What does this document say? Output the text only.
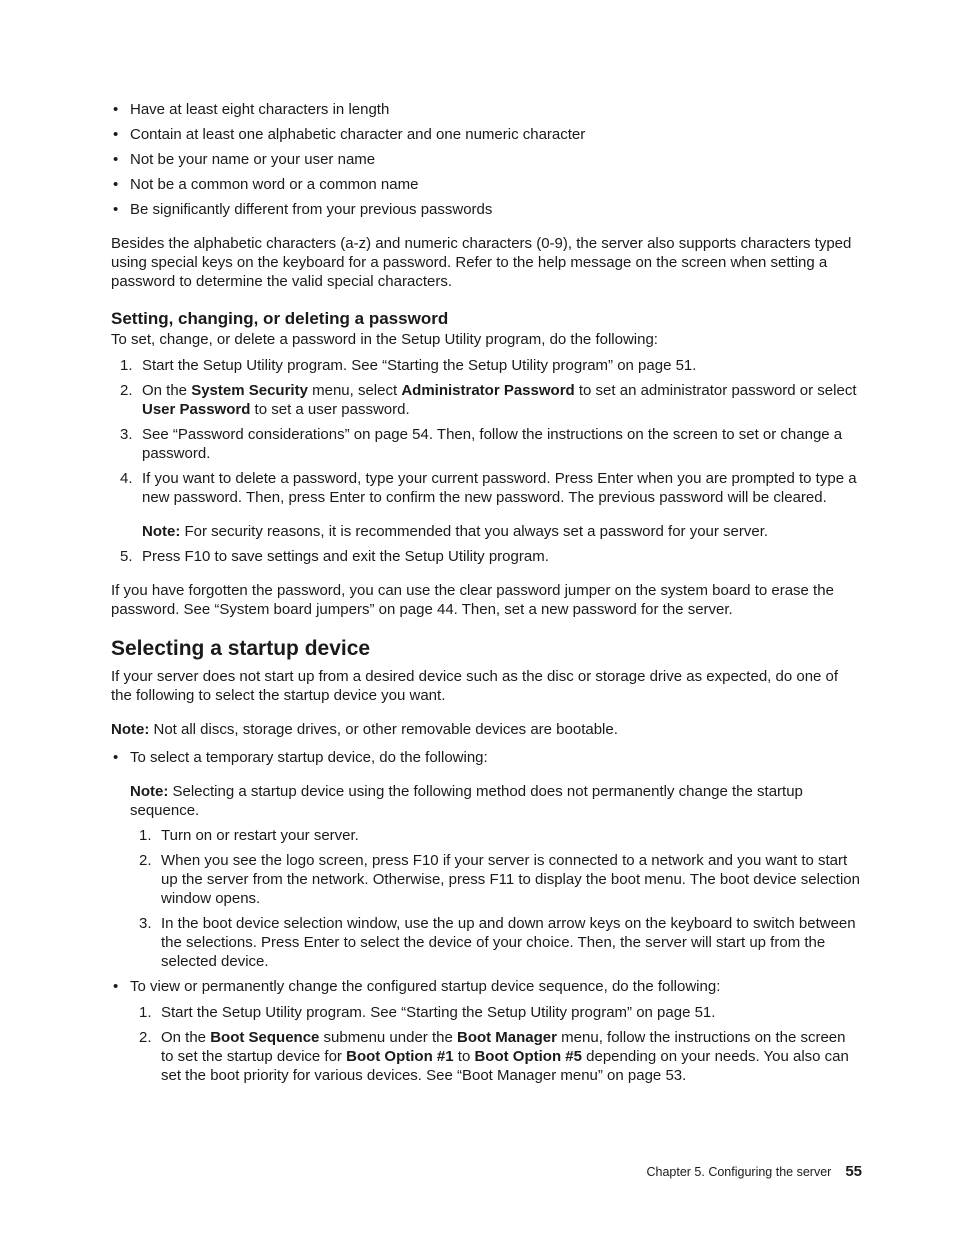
• Have at least eight characters in length
• Contain at least one alphabetic character and one numeric character
• Not be your name or your user name
• Not be a common word or a common name
• Be significantly different from your previous passwords

Besides the alphabetic characters (a-z) and numeric characters (0-9), the server also supports characters typed using special keys on the keyboard for a password. Refer to the help message on the screen when setting a password to determine the valid special characters.

Setting, changing, or deleting a password

To set, change, or delete a password in the Setup Utility program, do the following:

1. Start the Setup Utility program. See “Starting the Setup Utility program” on page 51.
2. On the System Security menu, select Administrator Password to set an administrator password or select User Password to set a user password.
3. See “Password considerations” on page 54. Then, follow the instructions on the screen to set or change a password.
4. If you want to delete a password, type your current password. Press Enter when you are prompted to type a new password. Then, press Enter to confirm the new password. The previous password will be cleared.

Note: For security reasons, it is recommended that you always set a password for your server.

5. Press F10 to save settings and exit the Setup Utility program.

If you have forgotten the password, you can use the clear password jumper on the system board to erase the password. See “System board jumpers” on page 44. Then, set a new password for the server.

Selecting a startup device

If your server does not start up from a desired device such as the disc or storage drive as expected, do one of the following to select the startup device you want.

Note: Not all discs, storage drives, or other removable devices are bootable.

• To select a temporary startup device, do the following:

Note: Selecting a startup device using the following method does not permanently change the startup sequence.

1. Turn on or restart your server.
2. When you see the logo screen, press F10 if your server is connected to a network and you want to start up the server from the network. Otherwise, press F11 to display the boot menu. The boot device selection window opens.
3. In the boot device selection window, use the up and down arrow keys on the keyboard to switch between the selections. Press Enter to select the device of your choice. Then, the server will start up from the selected device.
• To view or permanently change the configured startup device sequence, do the following:
1. Start the Setup Utility program. See “Starting the Setup Utility program” on page 51.
2. On the Boot Sequence submenu under the Boot Manager menu, follow the instructions on the screen to set the startup device for Boot Option #1 to Boot Option #5 depending on your needs. You also can set the boot priority for various devices. See “Boot Manager menu” on page 53.
Chapter 5. Configuring the server 55
